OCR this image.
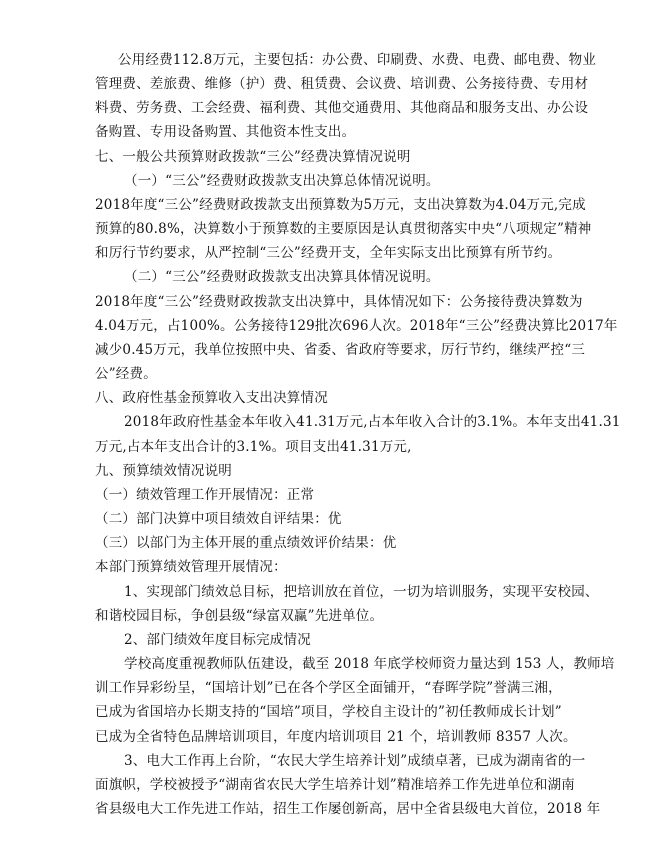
公用经费112.8万元，主要包括：办公费、印刷费、水费、电费、邮电费、物业
管理费、差旅费、维修（护）费、租赁费、会议费、培训费、公务接待费、专用材
料费、劳务费、工会经费、福利费、其他交通费用、其他商品和服务支出、办公设
备购置、专用设备购置、其他资本性支出。
七、一般公共预算财政拨款“三公”经费决算情况说明
（一）“三公”经费财政拨款支出决算总体情况说明。
2018年度“三公”经费财政拨款支出预算数为5万元，支出决算数为4.04万元,完成
预算的80.8%，决算数小于预算数的主要原因是认真贯彻落实中央“八项规定”精神
和厉行节约要求，从严控制“三公”经费开支，全年实际支出比预算有所节约。
（二）“三公”经费财政拨款支出决算具体情况说明。
2018年度“三公”经费财政拨款支出决算中，具体情况如下：公务接待费决算数为
4.04万元，占100%。公务接待129批次696人次。2018年“三公”经费决算比2017年
减少0.45万元，我单位按照中央、省委、省政府等要求，厉行节约，继续严控“三
公”经费。
八、政府性基金预算收入支出决算情况
2018年政府性基金本年收入41.31万元,占本年收入合计的3.1%。本年支出41.31
万元,占本年支出合计的3.1%。项目支出41.31万元,
九、预算绩效情况说明
（一）绩效管理工作开展情况：正常
（二）部门决算中项目绩效自评结果：优
（三）以部门为主体开展的重点绩效评价结果：优
本部门预算绩效管理开展情况：
1、实现部门绩效总目标，把培训放在首位，一切为培训服务，实现平安校园、
和谐校园目标，争创县级“绿富双赢”先进单位。
2、部门绩效年度目标完成情况
学校高度重视教师队伍建设，截至 2018 年底学校师资力量达到 153 人，教师培
训工作异彩纷呈，“国培计划”已在各个学区全面铺开，“春晖学院”誉满三湘，
已成为省国培办长期支持的“国培”项目，学校自主设计的”初任教师成长计划”
已成为全省特色品牌培训项目，年度内培训项目 21 个，培训教师 8357 人次。
3、电大工作再上台阶，“农民大学生培养计划”成绩卓著，已成为湖南省的一
面旗帜，学校被授予“湖南省农民大学生培养计划”精准培养工作先进单位和湖南
省县级电大工作先进工作站，招生工作屡创新高，居中全省县级电大首位，2018 年
